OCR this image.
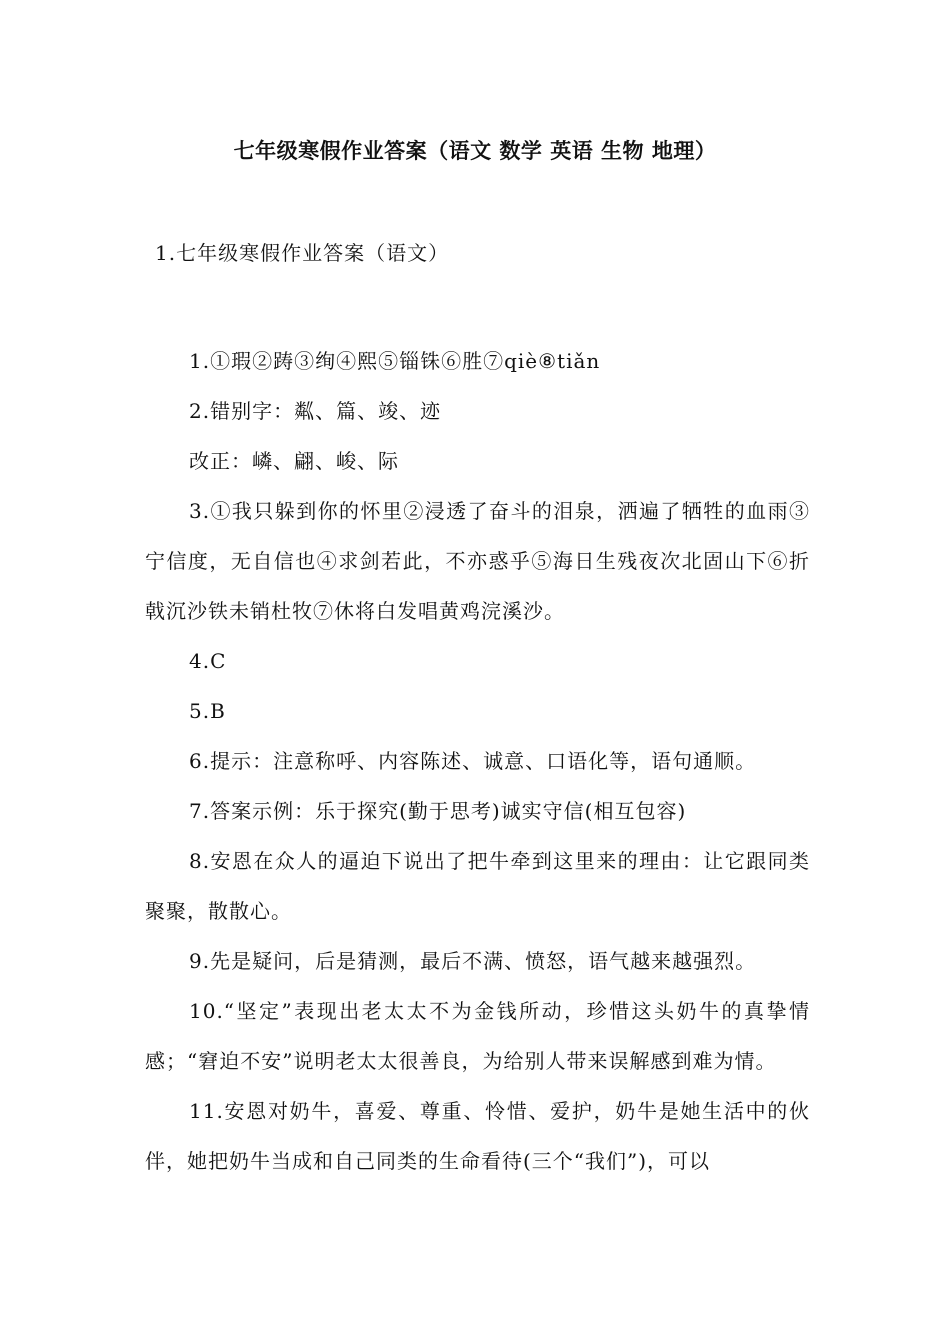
七年级寒假作业答案（语文 数学 英语 生物 地理）
1.七年级寒假作业答案（语文）

1.①瑕②踌③绚④熙⑤锱铢⑥胜⑦qiè⑧tiǎn

2.错别字：粼、篇、竣、迹

改正：嶙、翩、峻、际

3.①我只躲到你的怀里②浸透了奋斗的泪泉，洒遍了牺牲的血雨③宁信度，无自信也④求剑若此，不亦惑乎⑤海日生残夜次北固山下⑥折戟沉沙铁未销杜牧⑦休将白发唱黄鸡浣溪沙。

4.C

5.B

6.提示：注意称呼、内容陈述、诚意、口语化等，语句通顺。

7.答案示例：乐于探究(勤于思考)诚实守信(相互包容)

8.安恩在众人的逼迫下说出了把牛牵到这里来的理由：让它跟同类聚聚，散散心。

9.先是疑问，后是猜测，最后不满、愤怒，语气越来越强烈。

10.“坚定”表现出老太太不为金钱所动，珍惜这头奶牛的真挚情感；“窘迫不安”说明老太太很善良，为给别人带来误解感到难为情。

11.安恩对奶牛，喜爱、尊重、怜惜、爱护，奶牛是她生活中的伙伴，她把奶牛当成和自己同类的生命看待(三个“我们”)，可以
